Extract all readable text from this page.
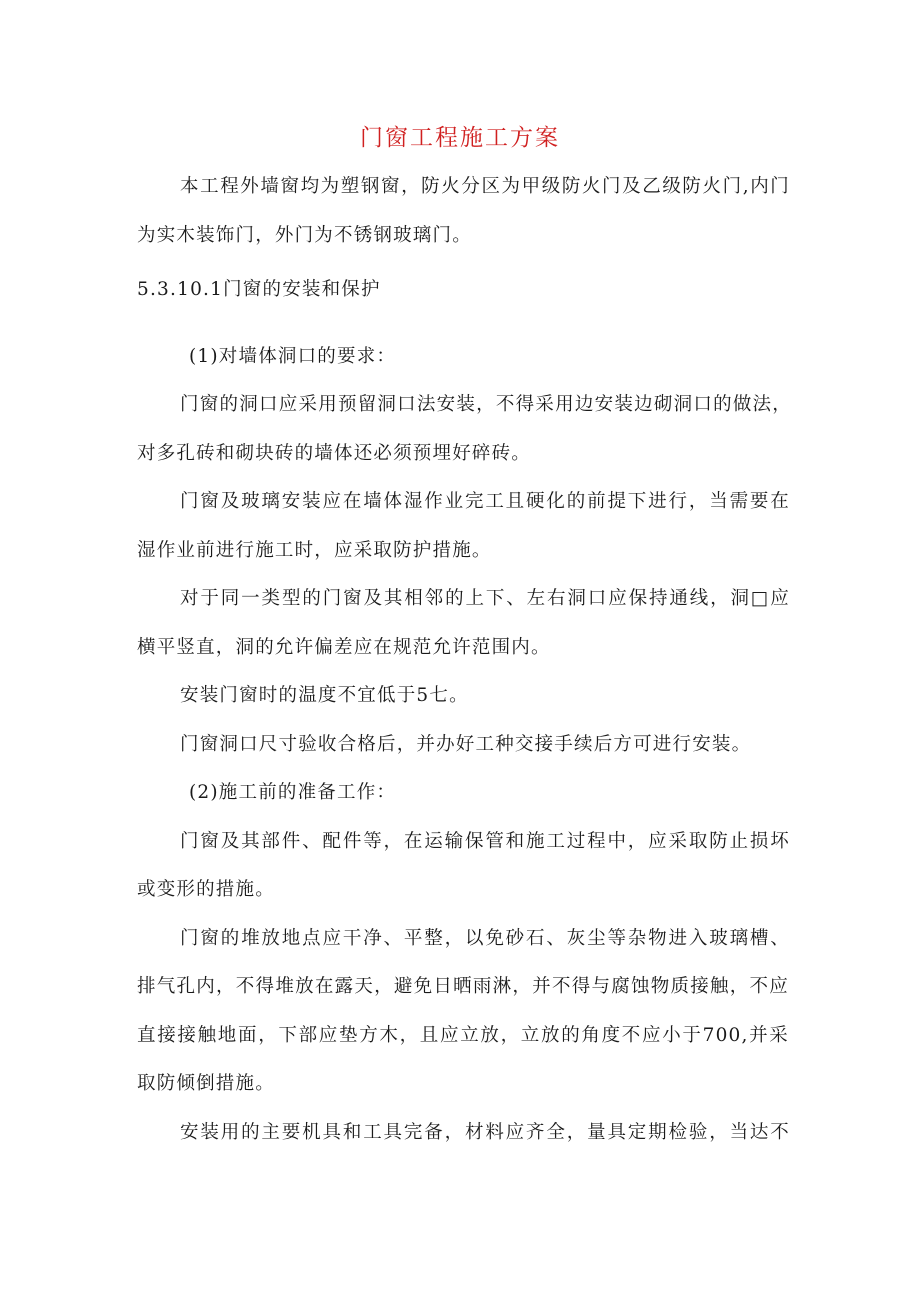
门窗工程施工方案
本工程外墙窗均为塑钢窗，防火分区为甲级防火门及乙级防火门,内门
为实木装饰门，外门为不锈钢玻璃门。
5.3.10.1门窗的安装和保护
(1)对墙体洞口的要求：
门窗的洞口应采用预留洞口法安装，不得采用边安装边砌洞口的做法，
对多孔砖和砌块砖的墙体还必须预埋好碎砖。
门窗及玻璃安装应在墙体湿作业完工且硬化的前提下进行，当需要在
湿作业前进行施工时，应采取防护措施。
对于同一类型的门窗及其相邻的上下、左右洞口应保持通线，洞□应
横平竖直，洞的允许偏差应在规范允许范围内。
安装门窗时的温度不宜低于5七。
门窗洞口尺寸验收合格后，并办好工种交接手续后方可进行安装。
(2)施工前的准备工作：
门窗及其部件、配件等，在运输保管和施工过程中，应采取防止损坏
或变形的措施。
门窗的堆放地点应干净、平整，以免砂石、灰尘等杂物进入玻璃槽、
排气孔内，不得堆放在露天，避免日晒雨淋，并不得与腐蚀物质接触，不应
直接接触地面，下部应垫方木，且应立放，立放的角度不应小于700,并采
取防倾倒措施。
安装用的主要机具和工具完备，材料应齐全，量具定期检验，当达不
